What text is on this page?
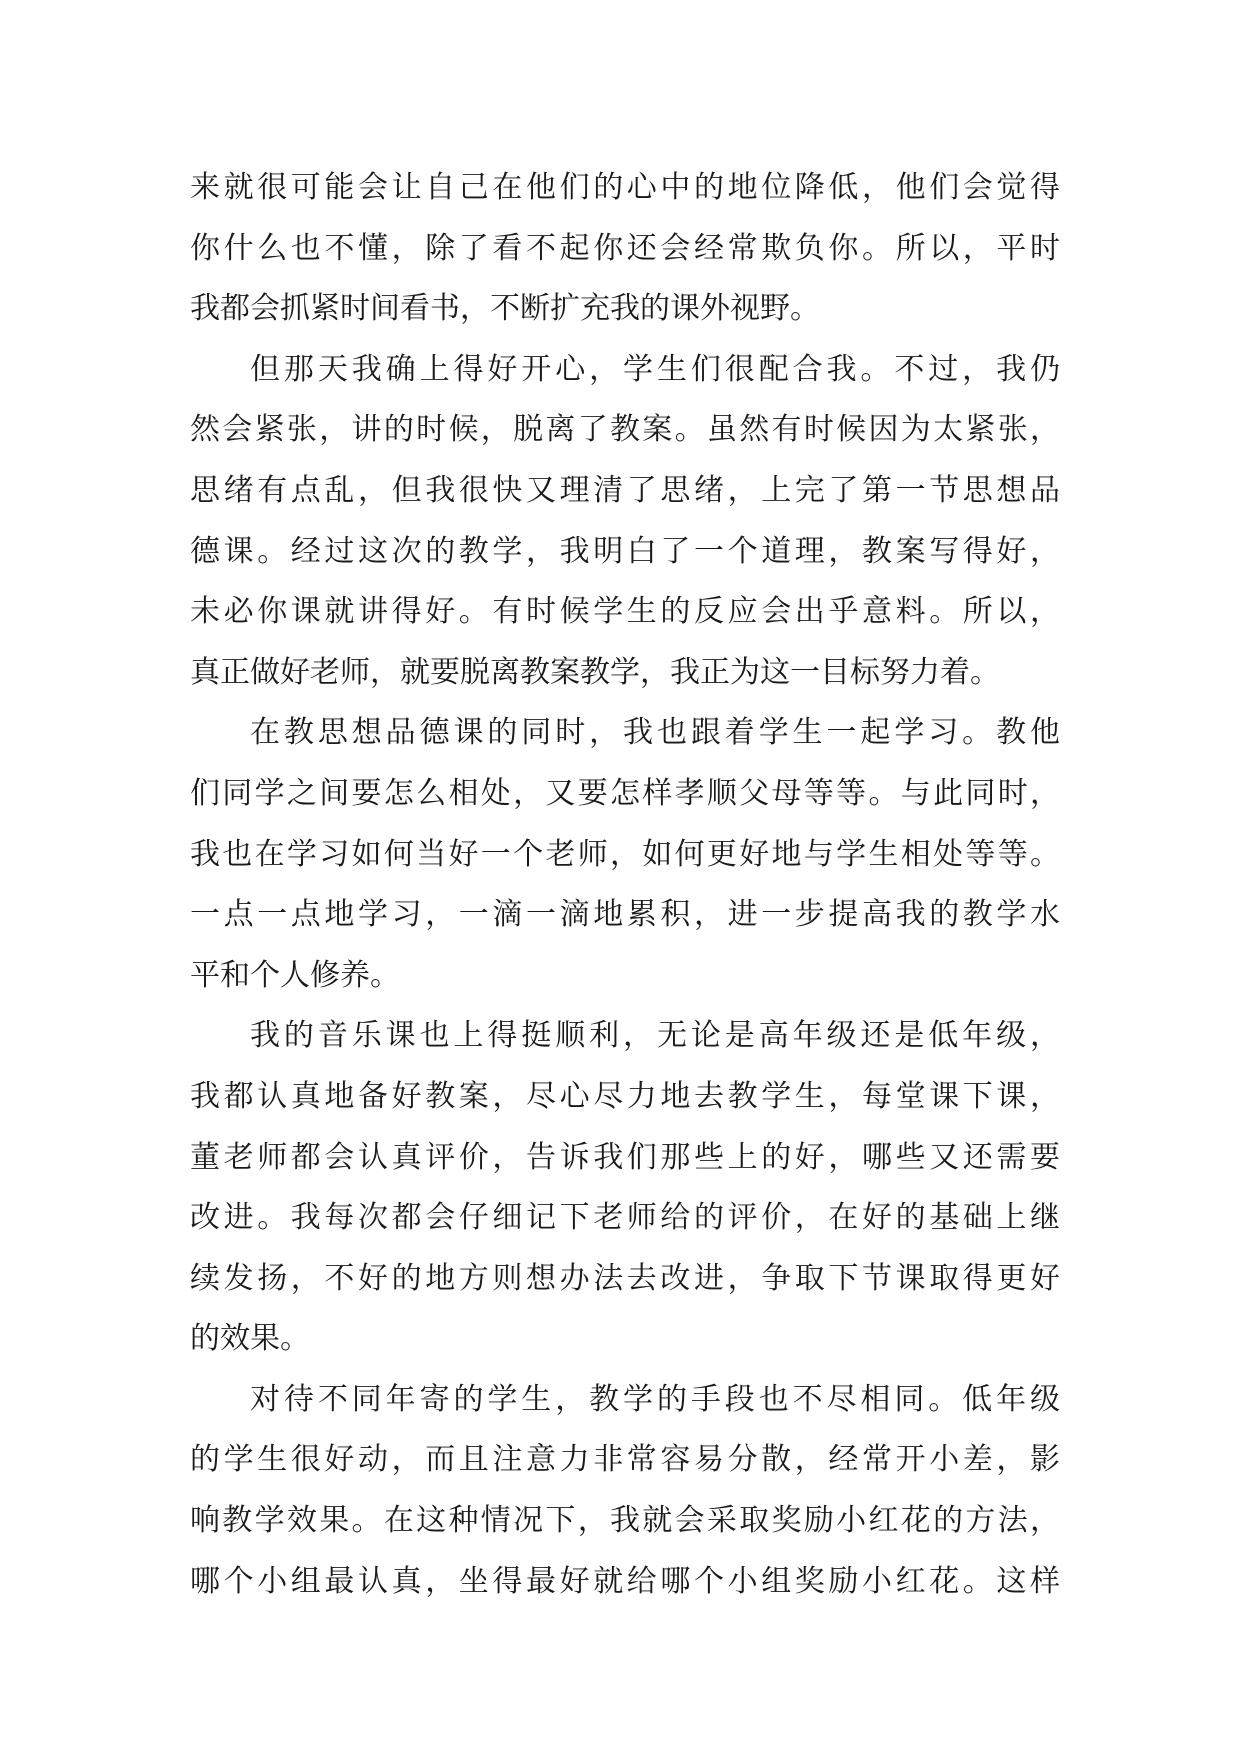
来就很可能会让自己在他们的心中的地位降低，他们会觉得
你什么也不懂，除了看不起你还会经常欺负你。所以，平时
我都会抓紧时间看书，不断扩充我的课外视野。
但那天我确上得好开心，学生们很配合我。不过，我仍
然会紧张，讲的时候，脱离了教案。虽然有时候因为太紧张，
思绪有点乱，但我很快又理清了思绪，上完了第一节思想品
德课。经过这次的教学，我明白了一个道理，教案写得好，
未必你课就讲得好。有时候学生的反应会出乎意料。所以，
真正做好老师，就要脱离教案教学，我正为这一目标努力着。
在教思想品德课的同时，我也跟着学生一起学习。教他
们同学之间要怎么相处，又要怎样孝顺父母等等。与此同时，
我也在学习如何当好一个老师，如何更好地与学生相处等等。
一点一点地学习，一滴一滴地累积，进一步提高我的教学水
平和个人修养。
我的音乐课也上得挺顺利，无论是高年级还是低年级，
我都认真地备好教案，尽心尽力地去教学生，每堂课下课，
董老师都会认真评价，告诉我们那些上的好，哪些又还需要
改进。我每次都会仔细记下老师给的评价，在好的基础上继
续发扬，不好的地方则想办法去改进，争取下节课取得更好
的效果。
对待不同年寄的学生，教学的手段也不尽相同。低年级
的学生很好动，而且注意力非常容易分散，经常开小差，影
响教学效果。在这种情况下，我就会采取奖励小红花的方法，
哪个小组最认真，坐得最好就给哪个小组奖励小红花。这样
